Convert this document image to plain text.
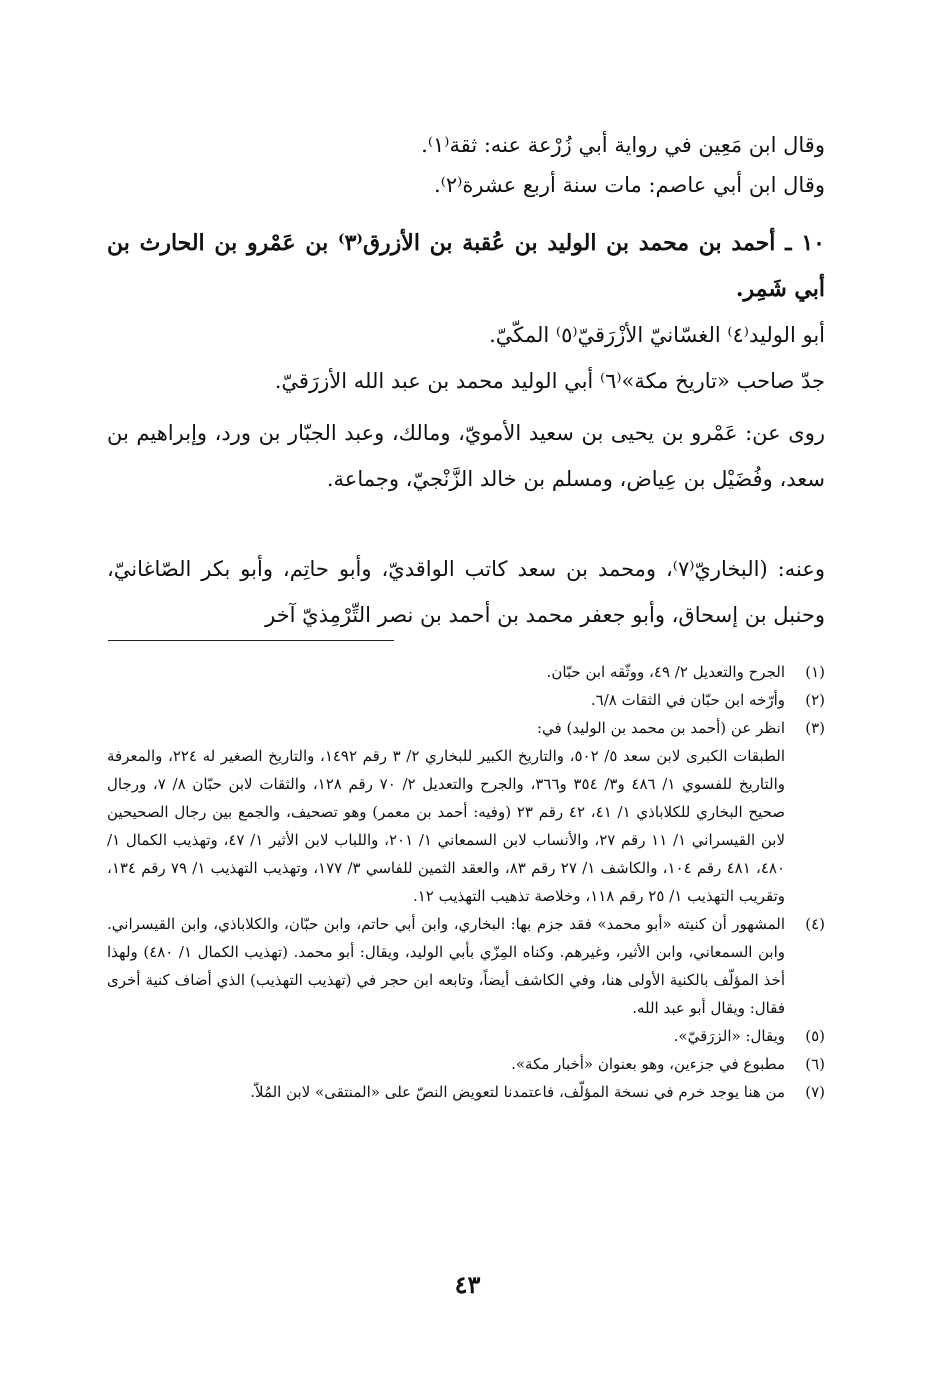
وقال ابن مَعِين في رواية أبي زُرْعة عنه: ثقة⁽١⁾.
وقال ابن أبي عاصم: مات سنة أربع عشرة⁽٢⁾.
١٠ ـ أحمد بن محمد بن الوليد بن عُقبة بن الأزرق⁽٣⁾ بن عَمْرو بن الحارث بن أبي شَمِر.
أبو الوليد⁽٤⁾ الغسّانيّ الأزْرَقيّ⁽٥⁾ المكّيّ.
جدّ صاحب «تاريخ مكة»⁽٦⁾ أبي الوليد محمد بن عبد الله الأزرَقيّ.
روى عن: عَمْرو بن يحيى بن سعيد الأمويّ، ومالك، وعبد الجبّار بن ورد، وإبراهيم بن سعد، وفُضَيْل بن عِياض، ومسلم بن خالد الزَّنْجيّ، وجماعة.
وعنه: (البخاريّ⁽٧⁾، ومحمد بن سعد كاتب الواقديّ، وأبو حاتِم، وأبو بكر الصّاغانيّ، وحنبل بن إسحاق، وأبو جعفر محمد بن أحمد بن نصر التِّرْمِذيّ آخر
(١)
الجرح والتعديل ٢/ ٤٩، ووثّقه ابن حبّان.
(٢)
وأرّخه ابن حبّان في الثقات ٦/٨.
(٣)
انظر عن (أحمد بن محمد بن الوليد) في:
الطبقات الكبرى لابن سعد ٥/ ٥٠٢، والتاريخ الكبير للبخاري ٢/ ٣ رقم ١٤٩٢، والتاريخ الصغير له ٢٢٤، والمعرفة والتاريخ للفسوي ١/ ٤٨٦ و٣/ ٣٥٤ و٣٦٦، والجرح والتعديل ٢/ ٧٠ رقم ١٢٨، والثقات لابن حبّان ٨/ ٧، ورجال صحيح البخاري للكلاباذي ١/ ٤١، ٤٢ رقم ٢٣ (وفيه: أحمد بن معمر) وهو تصحيف، والجمع بين رجال الصحيحين لابن القيسراني ١/ ١١ رقم ٢٧، والأنساب لابن السمعاني ١/ ٢٠١، واللباب لابن الأثير ١/ ٤٧، وتهذيب الكمال ١/ ٤٨٠، ٤٨١ رقم ١٠٤، والكاشف ١/ ٢٧ رقم ٨٣، والعقد الثمين للفاسي ٣/ ١٧٧، وتهذيب التهذيب ١/ ٧٩ رقم ١٣٤، وتقريب التهذيب ١/ ٢٥ رقم ١١٨، وخلاصة تذهيب التهذيب ١٢.
(٤)
المشهور أن كنيته «أبو محمد» فقد جزم بها: البخاري، وابن أبي حاتم، وابن حبّان، والكلاباذي، وابن القيسراني. وابن السمعاني، وابن الأثير، وغيرهم. وكناه المِزّي بأبي الوليد، ويقال: أبو محمد. (تهذيب الكمال ١/ ٤٨٠) ولهذا أخذ المؤلّف بالكنية الأولى هنا، وفي الكاشف أيضاً، وتابعه ابن حجر في (تهذيب التهذيب) الذي أضاف كنية أخرى فقال: ويقال أبو عبد الله.
(٥)
ويقال: «الزرَقيّ».
(٦)
مطبوع في جزءين، وهو بعنوان «أخبار مكة».
(٧)
من هنا يوجد خرم في نسخة المؤلّف، فاعتمدنا لتعويض النصّ على «المنتقى» لابن المُلاّ.
٤٣
